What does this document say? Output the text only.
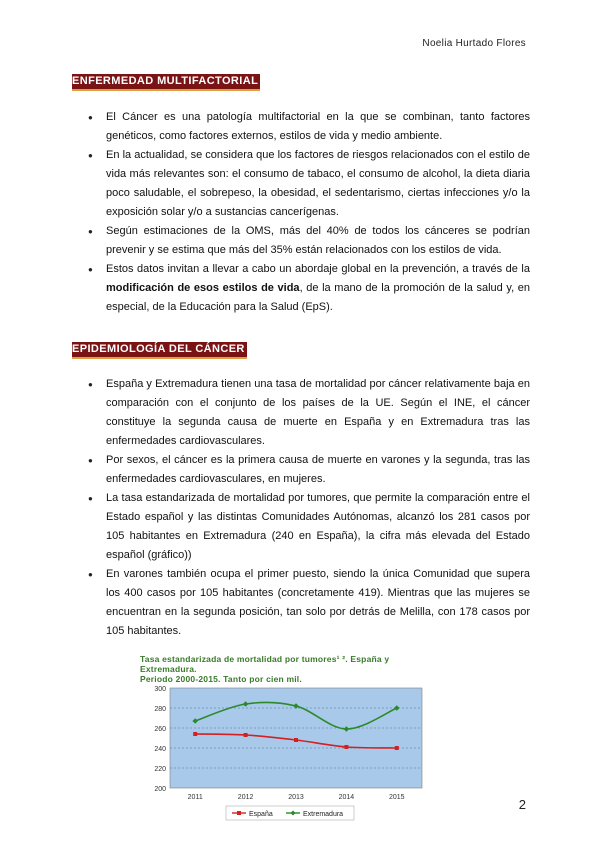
Noelia Hurtado Flores
ENFERMEDAD MULTIFACTORIAL
● El Cáncer es una patología multifactorial en la que se combinan, tanto factores genéticos, como factores externos, estilos de vida y medio ambiente.
● En la actualidad, se considera que los factores de riesgos relacionados con el estilo de vida más relevantes son: el consumo de tabaco, el consumo de alcohol, la dieta diaria poco saludable, el sobrepeso, la obesidad, el sedentarismo, ciertas infecciones y/o la exposición solar y/o a sustancias cancerígenas.
● Según estimaciones de la OMS, más del 40% de todos los cánceres se podrían prevenir y se estima que más del 35% están relacionados con los estilos de vida.
● Estos datos invitan a llevar a cabo un abordaje global en la prevención, a través de la modificación de esos estilos de vida, de la mano de la promoción de la salud y, en especial, de la Educación para la Salud (EpS).
EPIDEMIOLOGÍA DEL CÁNCER
● España y Extremadura tienen una tasa de mortalidad por cáncer relativamente baja en comparación con el conjunto de los países de la UE. Según el INE, el cáncer constituye la segunda causa de muerte en España y en Extremadura tras las enfermedades cardiovasculares.
● Por sexos, el cáncer es la primera causa de muerte en varones y la segunda, tras las enfermedades cardiovasculares, en mujeres.
● La tasa estandarizada de mortalidad por tumores, que permite la comparación entre el Estado español y las distintas Comunidades Autónomas, alcanzó los 281 casos por 105 habitantes en Extremadura (240 en España), la cifra más elevada del Estado español (gráfico))
● En varones también ocupa el primer puesto, siendo la única Comunidad que supera los 400 casos por 105 habitantes (concretamente 419). Mientras que las mujeres se encuentran en la segunda posición, tan solo por detrás de Melilla, con 178 casos por 105 habitantes.
Tasa estandarizada de mortalidad por tumores¹ ². España y Extremadura.
Periodo 2000-2015. Tanto por cien mil.
200
220
240
260
280
300
2011	2012	2013	2014	2015
España	Extremadura
2
